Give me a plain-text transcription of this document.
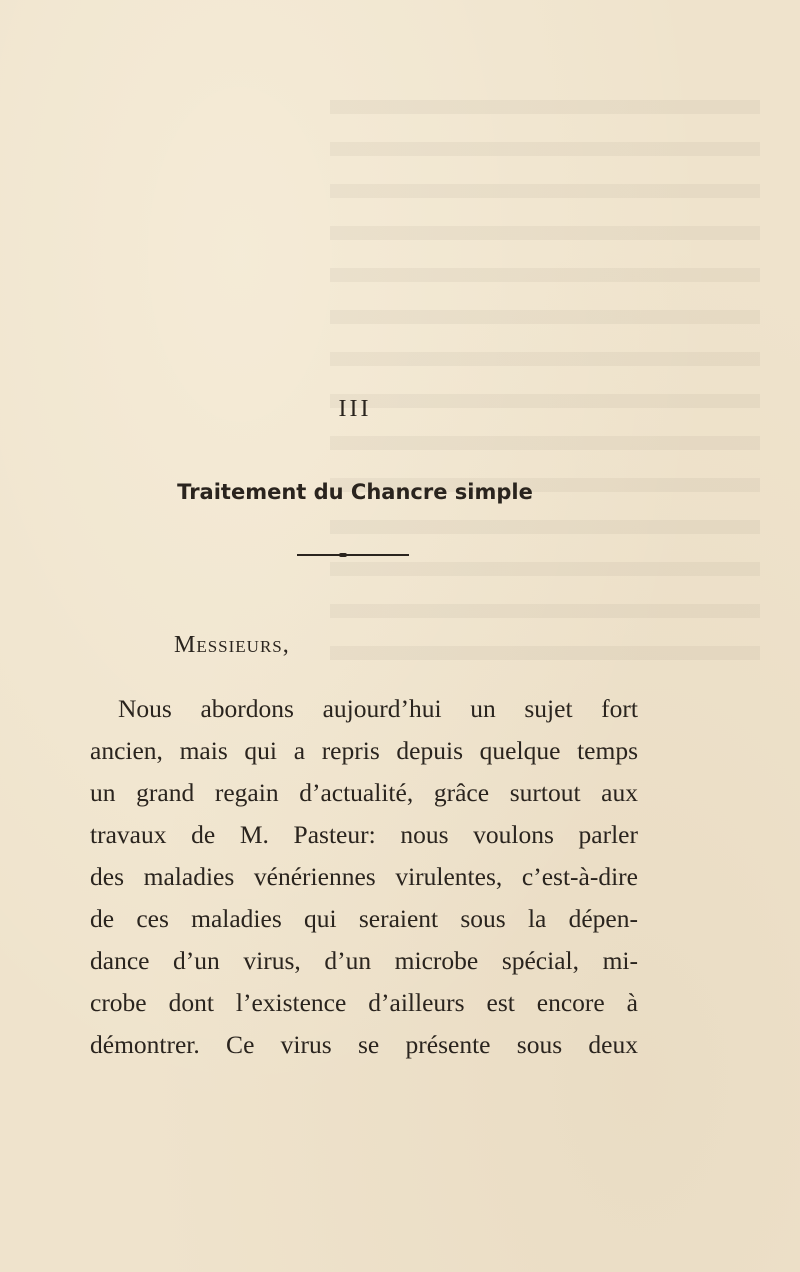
III
Traitement du Chancre simple
Messieurs,
Nous abordons aujourd’hui un sujet fort
ancien, mais qui a repris depuis quelque temps
un grand regain d’actualité, grâce surtout aux
travaux de M. Pasteur: nous voulons parler
des maladies vénériennes virulentes, c’est-à-dire
de ces maladies qui seraient sous la dépen-
dance d’un virus, d’un microbe spécial, mi-
crobe dont l’existence d’ailleurs est encore à
démontrer. Ce virus se présente sous deux
